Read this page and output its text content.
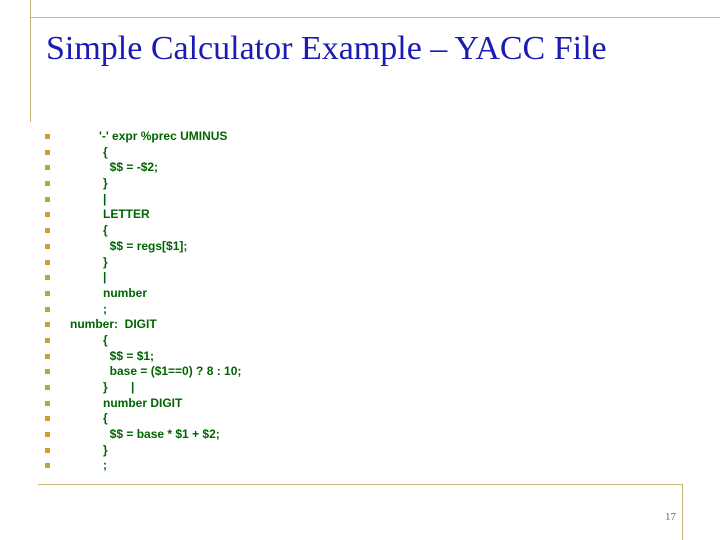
Simple Calculator Example – YACC File
'-' expr %prec UMINUS
{
$$ = -$2;
}
|
LETTER
{
$$ = regs[$1];
}
|
number
;
number:  DIGIT
{
$$ = $1;
base = ($1==0) ? 8 : 10;
}       |
number DIGIT
{
$$ = base * $1 + $2;
}
;
17
